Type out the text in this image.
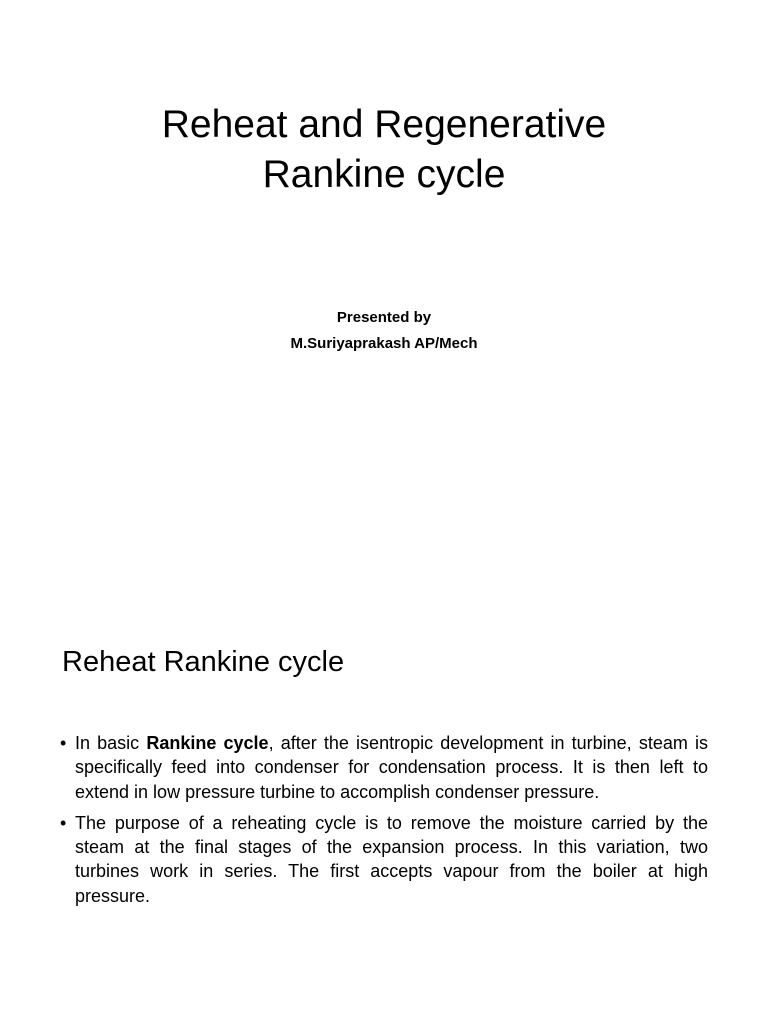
Reheat and Regenerative
Rankine cycle
Presented by
M.Suriyaprakash AP/Mech
Reheat Rankine cycle
• In basic Rankine cycle, after the isentropic development in turbine, steam is specifically feed into condenser for condensation process. It is then left to extend in low pressure turbine to accomplish condenser pressure.
• The purpose of a reheating cycle is to remove the moisture carried by the steam at the final stages of the expansion process. In this variation, two turbines work in series. The first accepts vapour from the boiler at high pressure.
